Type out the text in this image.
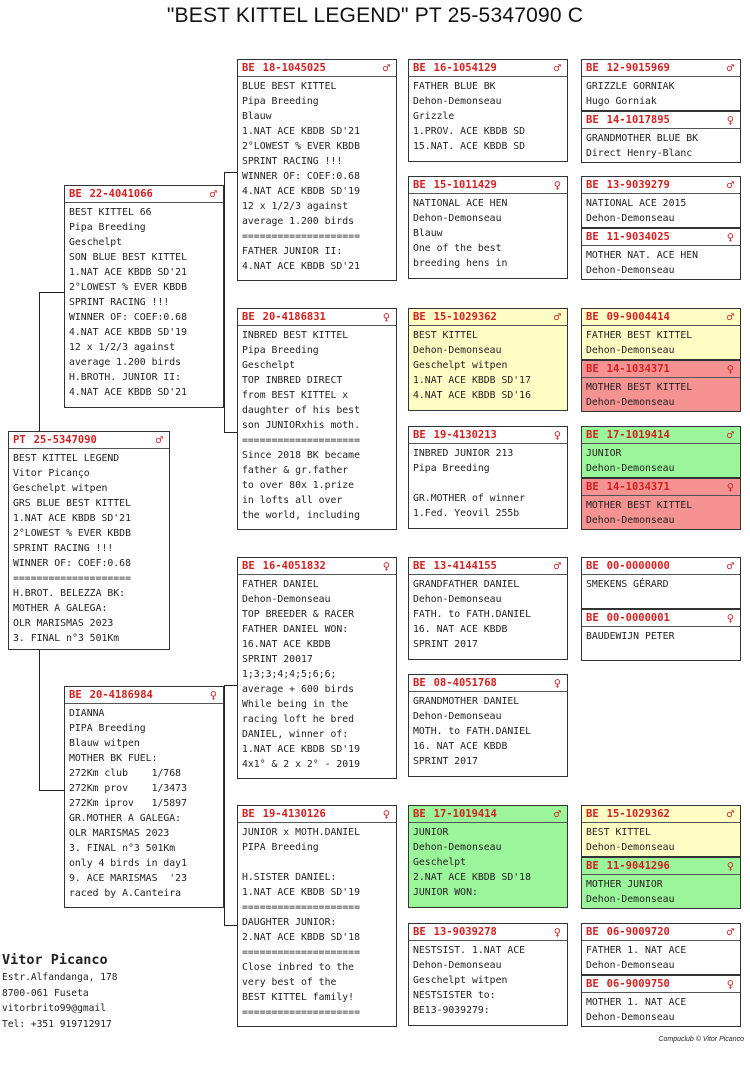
"BEST KITTEL LEGEND" PT 25-5347090 C
PT 25-5347090	♂
BEST KITTEL LEGEND
Vitor Picanço
Geschelpt witpen
GRS BLUE BEST KITTEL
1.NAT ACE KBDB SD'21
2°LOWEST % EVER KBDB
SPRINT RACING !!!
WINNER OF: COEF:0.68
====================
H.BROT. BELEZZA BK:
MOTHER A GALEGA:
OLR MARISMAS 2023
3. FINAL n°3 501Km
BE 22-4041066	♂
BEST KITTEL 66
Pipa Breeding
Geschelpt
SON BLUE BEST KITTEL
1.NAT ACE KBDB SD'21
2°LOWEST % EVER KBDB
SPRINT RACING !!!
WINNER OF: COEF:0.68
4.NAT ACE KBDB SD'19
12 x 1/2/3 against
average 1.200 birds
H.BROTH. JUNIOR II:
4.NAT ACE KBDB SD'21
BE 20-4186984	♀
DIANNA
PIPA Breeding
Blauw witpen
MOTHER BK FUEL:
272Km club    1/768
272Km prov    1/3473
272Km iprov   1/5897
GR.MOTHER A GALEGA:
OLR MARISMAS 2023
3. FINAL n°3 501Km
only 4 birds in day1
9. ACE MARISMAS  '23
raced by A.Canteira
BE 18-1045025	♂
BLUE BEST KITTEL
Pipa Breeding
Blauw
1.NAT ACE KBDB SD'21
2°LOWEST % EVER KBDB
SPRINT RACING !!!
WINNER OF: COEF:0.68
4.NAT ACE KBDB SD'19
12 x 1/2/3 against
average 1.200 birds
====================
FATHER JUNIOR II:
4.NAT ACE KBDB SD'21
BE 20-4186831	♀
INBRED BEST KITTEL
Pipa Breeding
Geschelpt
TOP INBRED DIRECT
from BEST KITTEL x
daughter of his best
son JUNIORxhis moth.
====================
Since 2018 BK became
father & gr.father
to over 80x 1.prize
in lofts all over
the world, including
BE 16-4051832	♀
FATHER DANIEL
Dehon-Demonseau
TOP BREEDER & RACER
FATHER DANIEL WON:
16.NAT ACE KBDB
SPRINT 20017
1;3;3;4;4;5;6;6;
average + 600 birds
While being in the
racing loft he bred
DANIEL, winner of:
1.NAT ACE KBDB SD'19
4x1° & 2 x 2° - 2019
BE 19-4130126	♀
JUNIOR x MOTH.DANIEL
PIPA Breeding
H.SISTER DANIEL:
1.NAT ACE KBDB SD'19
====================
DAUGHTER JUNIOR:
2.NAT ACE KBDB SD'18
====================
Close inbred to the
very best of the
BEST KITTEL family!
====================
BE 16-1054129	♂
FATHER BLUE BK
Dehon-Demonseau
Grizzle
1.PROV. ACE KBDB SD
15.NAT. ACE KBDB SD
BE 15-1011429	♀
NATIONAL ACE HEN
Dehon-Demonseau
Blauw
One of the best
breeding hens in
BE 15-1029362	♂
BEST KITTEL
Dehon-Demonseau
Geschelpt witpen
1.NAT ACE KBDB SD'17
4.NAT ACE KBDB SD'16
BE 19-4130213	♀
INBRED JUNIOR 213
Pipa Breeding
GR.MOTHER of winner
1.Fed. Yeovil 255b
BE 13-4144155	♂
GRANDFATHER DANIEL
Dehon-Demonseau
FATH. to FATH.DANIEL
16. NAT ACE KBDB
SPRINT 2017
BE 08-4051768	♀
GRANDMOTHER DANIEL
Dehon-Demonseau
MOTH. to FATH.DANIEL
16. NAT ACE KBDB
SPRINT 2017
BE 17-1019414	♂
JUNIOR
Dehon-Demonseau
Geschelpt
2.NAT ACE KBDB SD'18
JUNIOR WON:
BE 13-9039278	♀
NESTSIST. 1.NAT ACE
Dehon-Demonseau
Geschelpt witpen
NESTSISTER to:
BE13-9039279:
BE 12-9015969	♂
GRIZZLE GORNIAK
Hugo Gorniak
BE 14-1017895	♀
GRANDMOTHER BLUE BK
Direct Henry-Blanc
BE 13-9039279	♂
NATIONAL ACE 2015
Dehon-Demonseau
BE 11-9034025	♀
MOTHER NAT. ACE HEN
Dehon-Demonseau
BE 09-9004414	♂
FATHER BEST KITTEL
Dehon-Demonseau
BE 14-1034371	♀
MOTHER BEST KITTEL
Dehon-Demonseau
BE 17-1019414	♂
JUNIOR
Dehon-Demonseau
BE 14-1034371	♀
MOTHER BEST KITTEL
Dehon-Demonseau
BE 00-0000000	♂
SMEKENS GÉRARD
BE 00-0000001	♀
BAUDEWIJN PETER
BE 15-1029362	♂
BEST KITTEL
Dehon-Demonseau
BE 11-9041296	♀
MOTHER JUNIOR
Dehon-Demonseau
BE 06-9009720	♂
FATHER 1. NAT ACE
Dehon-Demonseau
BE 06-9009750	♀
MOTHER 1. NAT ACE
Dehon-Demonseau
Vitor Picanco
Estr.Alfandanga, 178
8700-061 Fuseta
vitorbrito99@gmail
Tel: +351 919712917
Compuclub © Vitor Picanco
